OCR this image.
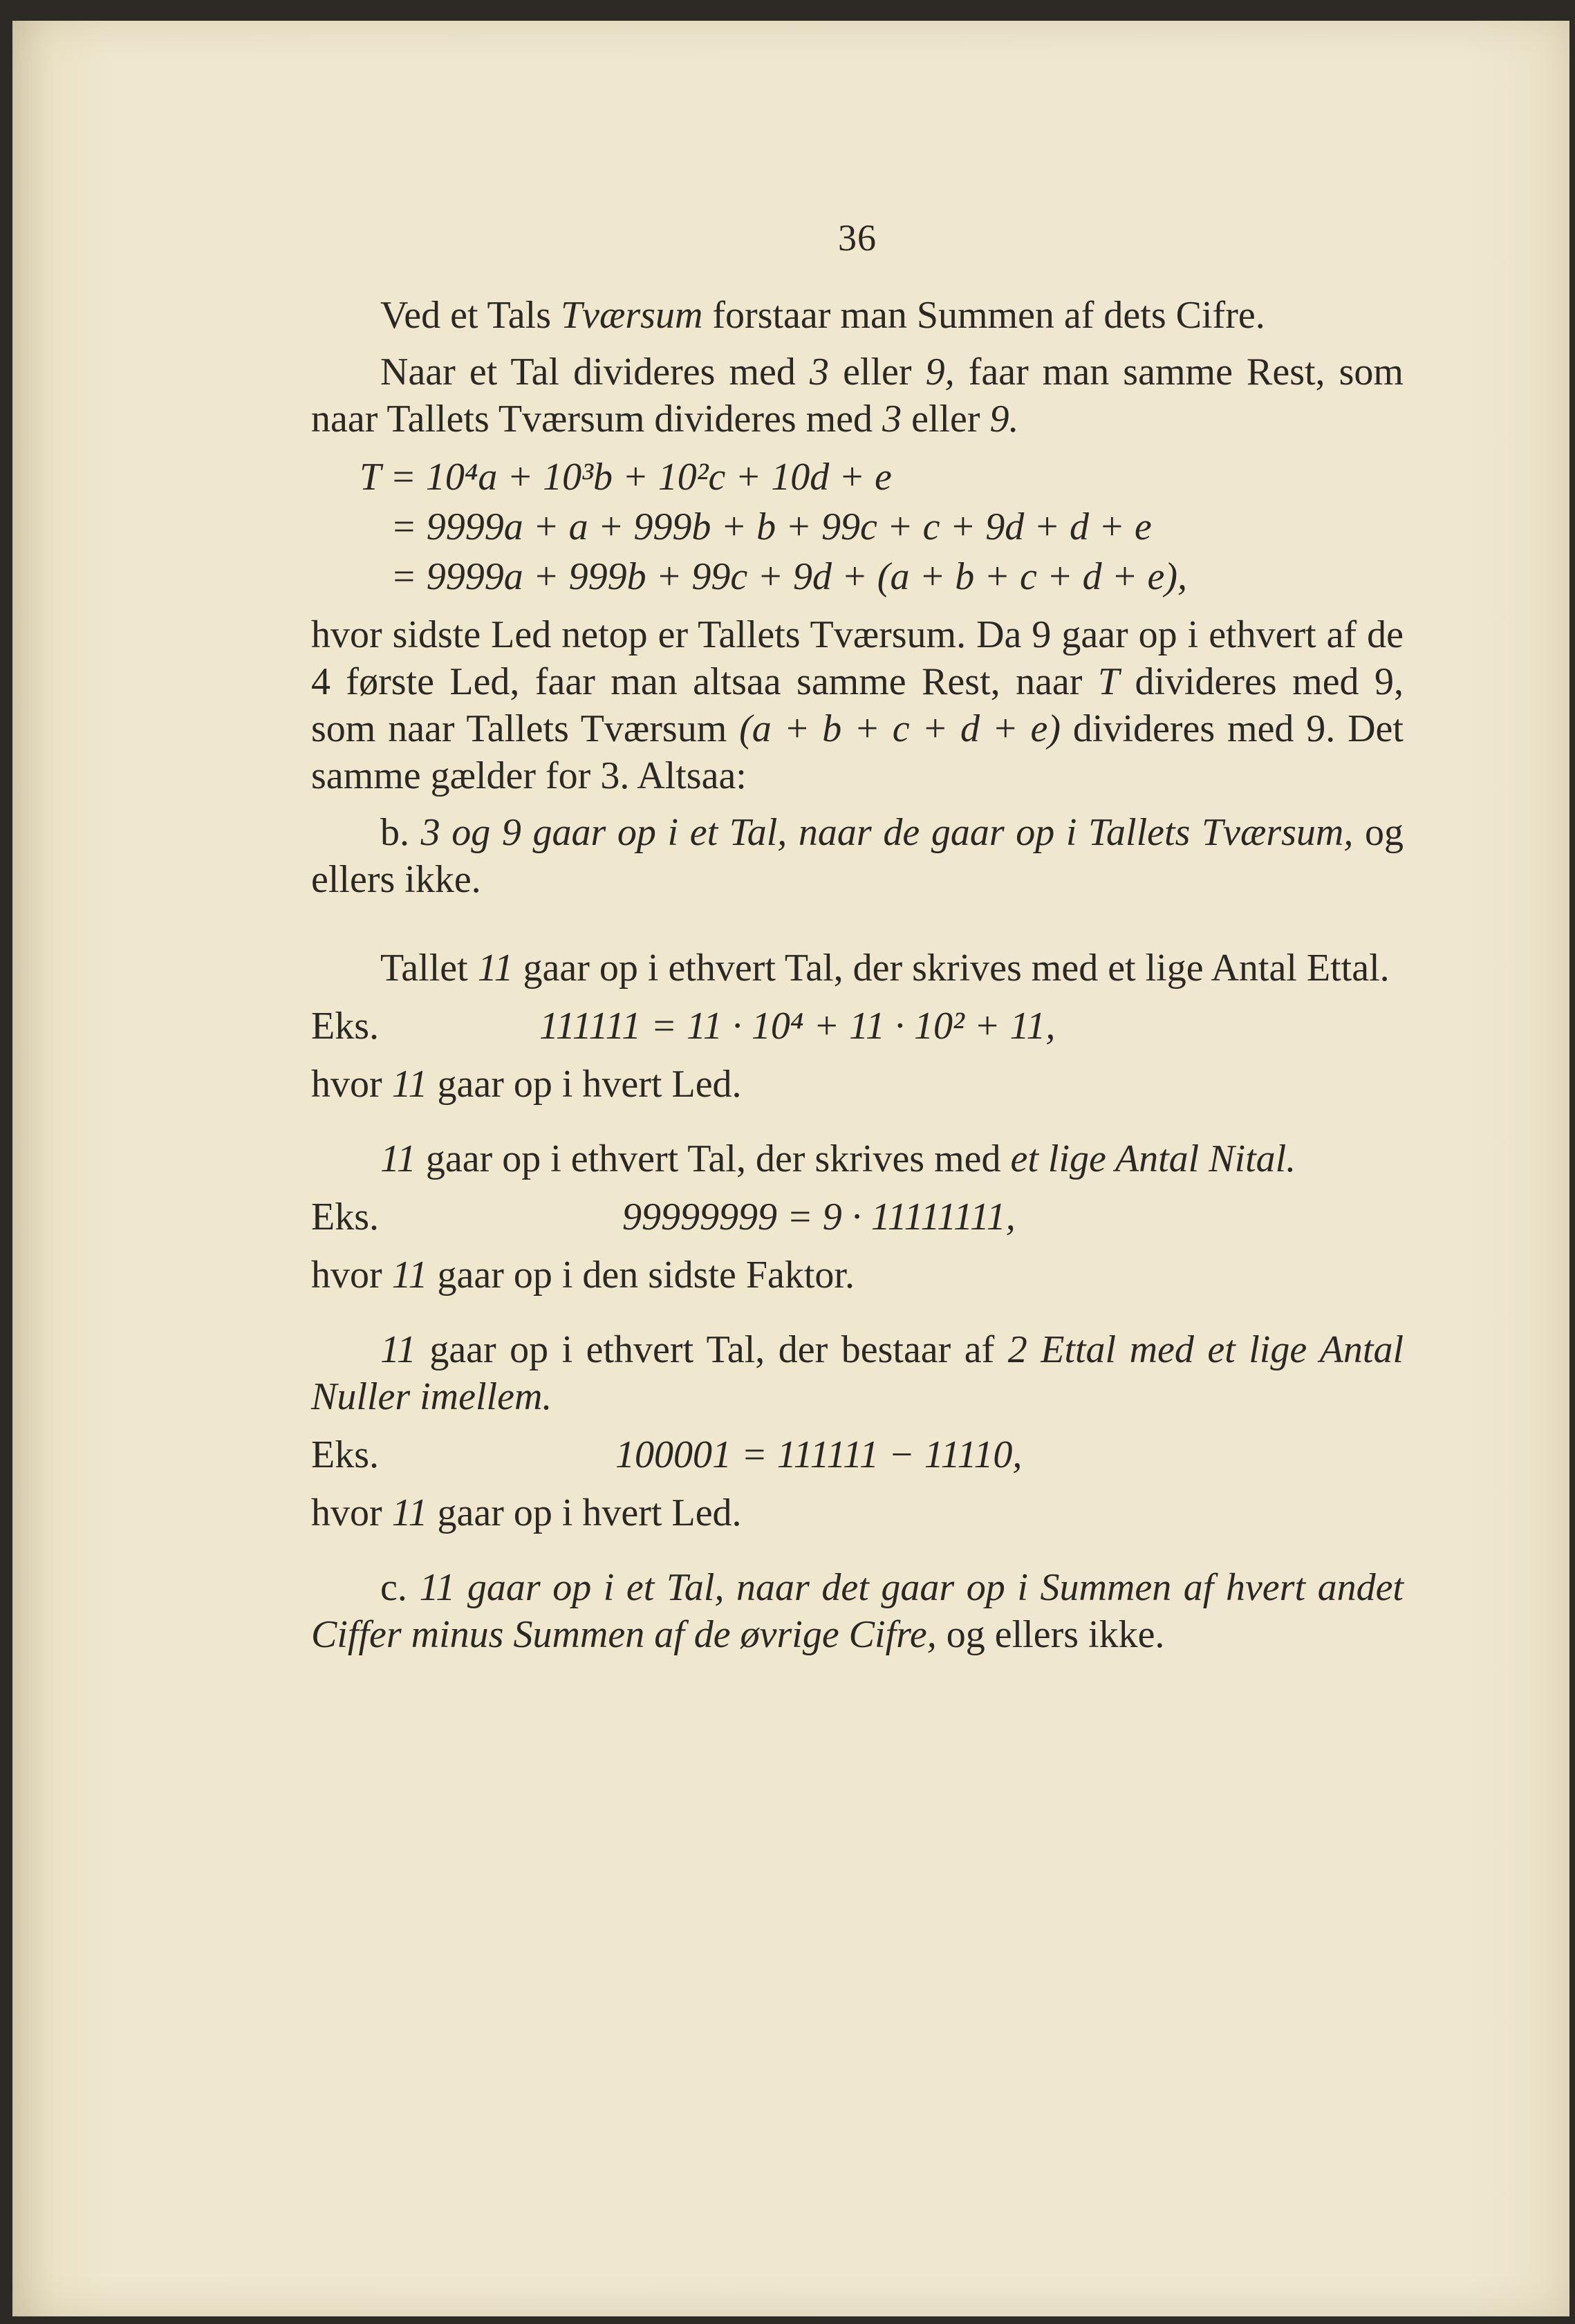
36

Ved et Tals Tværsum forstaar man Summen af dets Cifre.

Naar et Tal divideres med 3 eller 9, faar man samme Rest, som naar Tallets Tværsum divideres med 3 eller 9.

T = 10⁴a + 10³b + 10²c + 10d + e

= 9999a + a + 999b + b + 99c + c + 9d + d + e

= 9999a + 999b + 99c + 9d + (a + b + c + d + e),

hvor sidste Led netop er Tallets Tværsum. Da 9 gaar op i ethvert af de 4 første Led, faar man altsaa samme Rest, naar T divideres med 9, som naar Tallets Tværsum (a + b + c + d + e) divideres med 9. Det samme gælder for 3. Altsaa:

b. 3 og 9 gaar op i et Tal, naar de gaar op i Tallets Tværsum, og ellers ikke.

Tallet 11 gaar op i ethvert Tal, der skrives med et lige Antal Ettal.

Eks.	111111 = 11 · 10⁴ + 11 · 10² + 11,

hvor 11 gaar op i hvert Led.

11 gaar op i ethvert Tal, der skrives med et lige Antal Nital.

Eks.	99999999 = 9 · 11111111,

hvor 11 gaar op i den sidste Faktor.

11 gaar op i ethvert Tal, der bestaar af 2 Ettal med et lige Antal Nuller imellem.

Eks.	100001 = 111111 − 11110,

hvor 11 gaar op i hvert Led.

c. 11 gaar op i et Tal, naar det gaar op i Summen af hvert andet Ciffer minus Summen af de øvrige Cifre, og ellers ikke.
